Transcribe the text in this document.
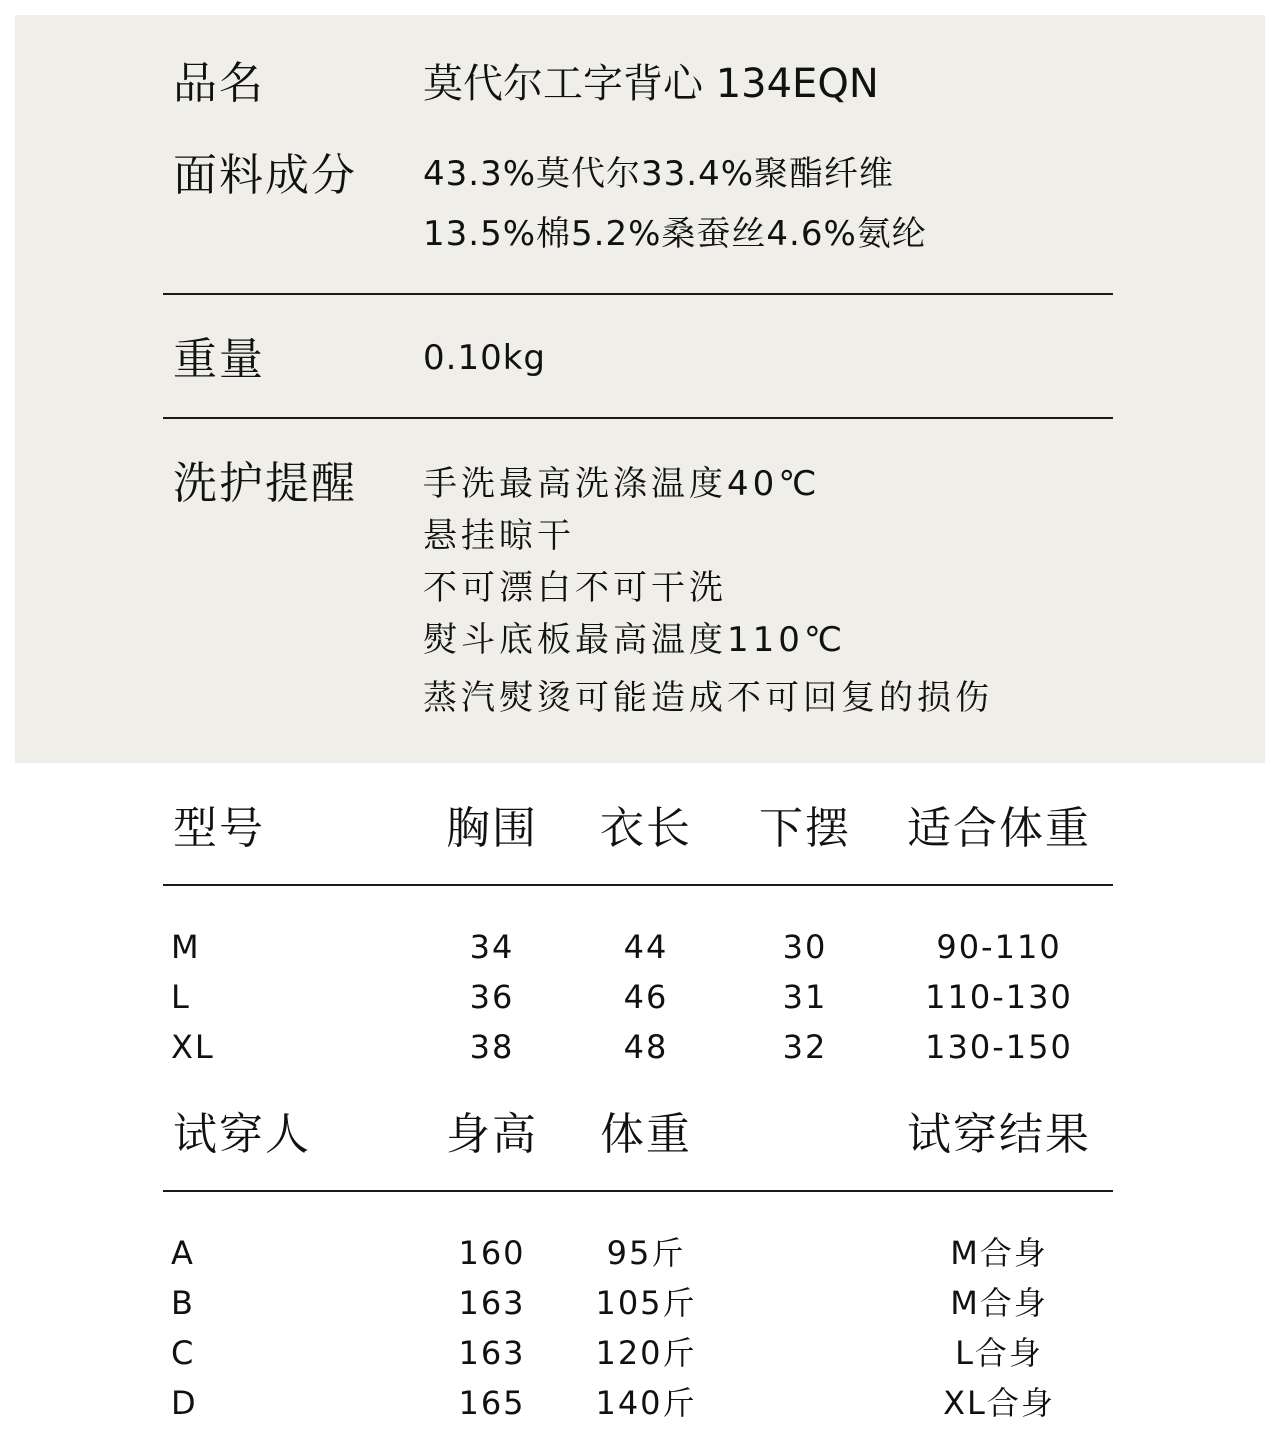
品名	莫代尔工字背心 134EQN
面料成分 43.3%莫代尔33.4%聚酯纤维
13.5%棉5.2%桑蚕丝4.6%氨纶
重量	0.10kg
洗护提醒 手洗最高洗涤温度40℃
悬挂晾干
不可漂白不可干洗
熨斗底板最高温度110℃
蒸汽熨烫可能造成不可回复的损伤
型号	胸围 衣长 下摆 适合体重
M	34	44	30	90-110
L	36	46	31	110-130
XL	38	48	32	130-150
试穿人	身高 体重	试穿结果
A	160	95斤	M合身
B	163 105斤	M合身
C	163 120斤	L合身
D	165 140斤	XL合身
